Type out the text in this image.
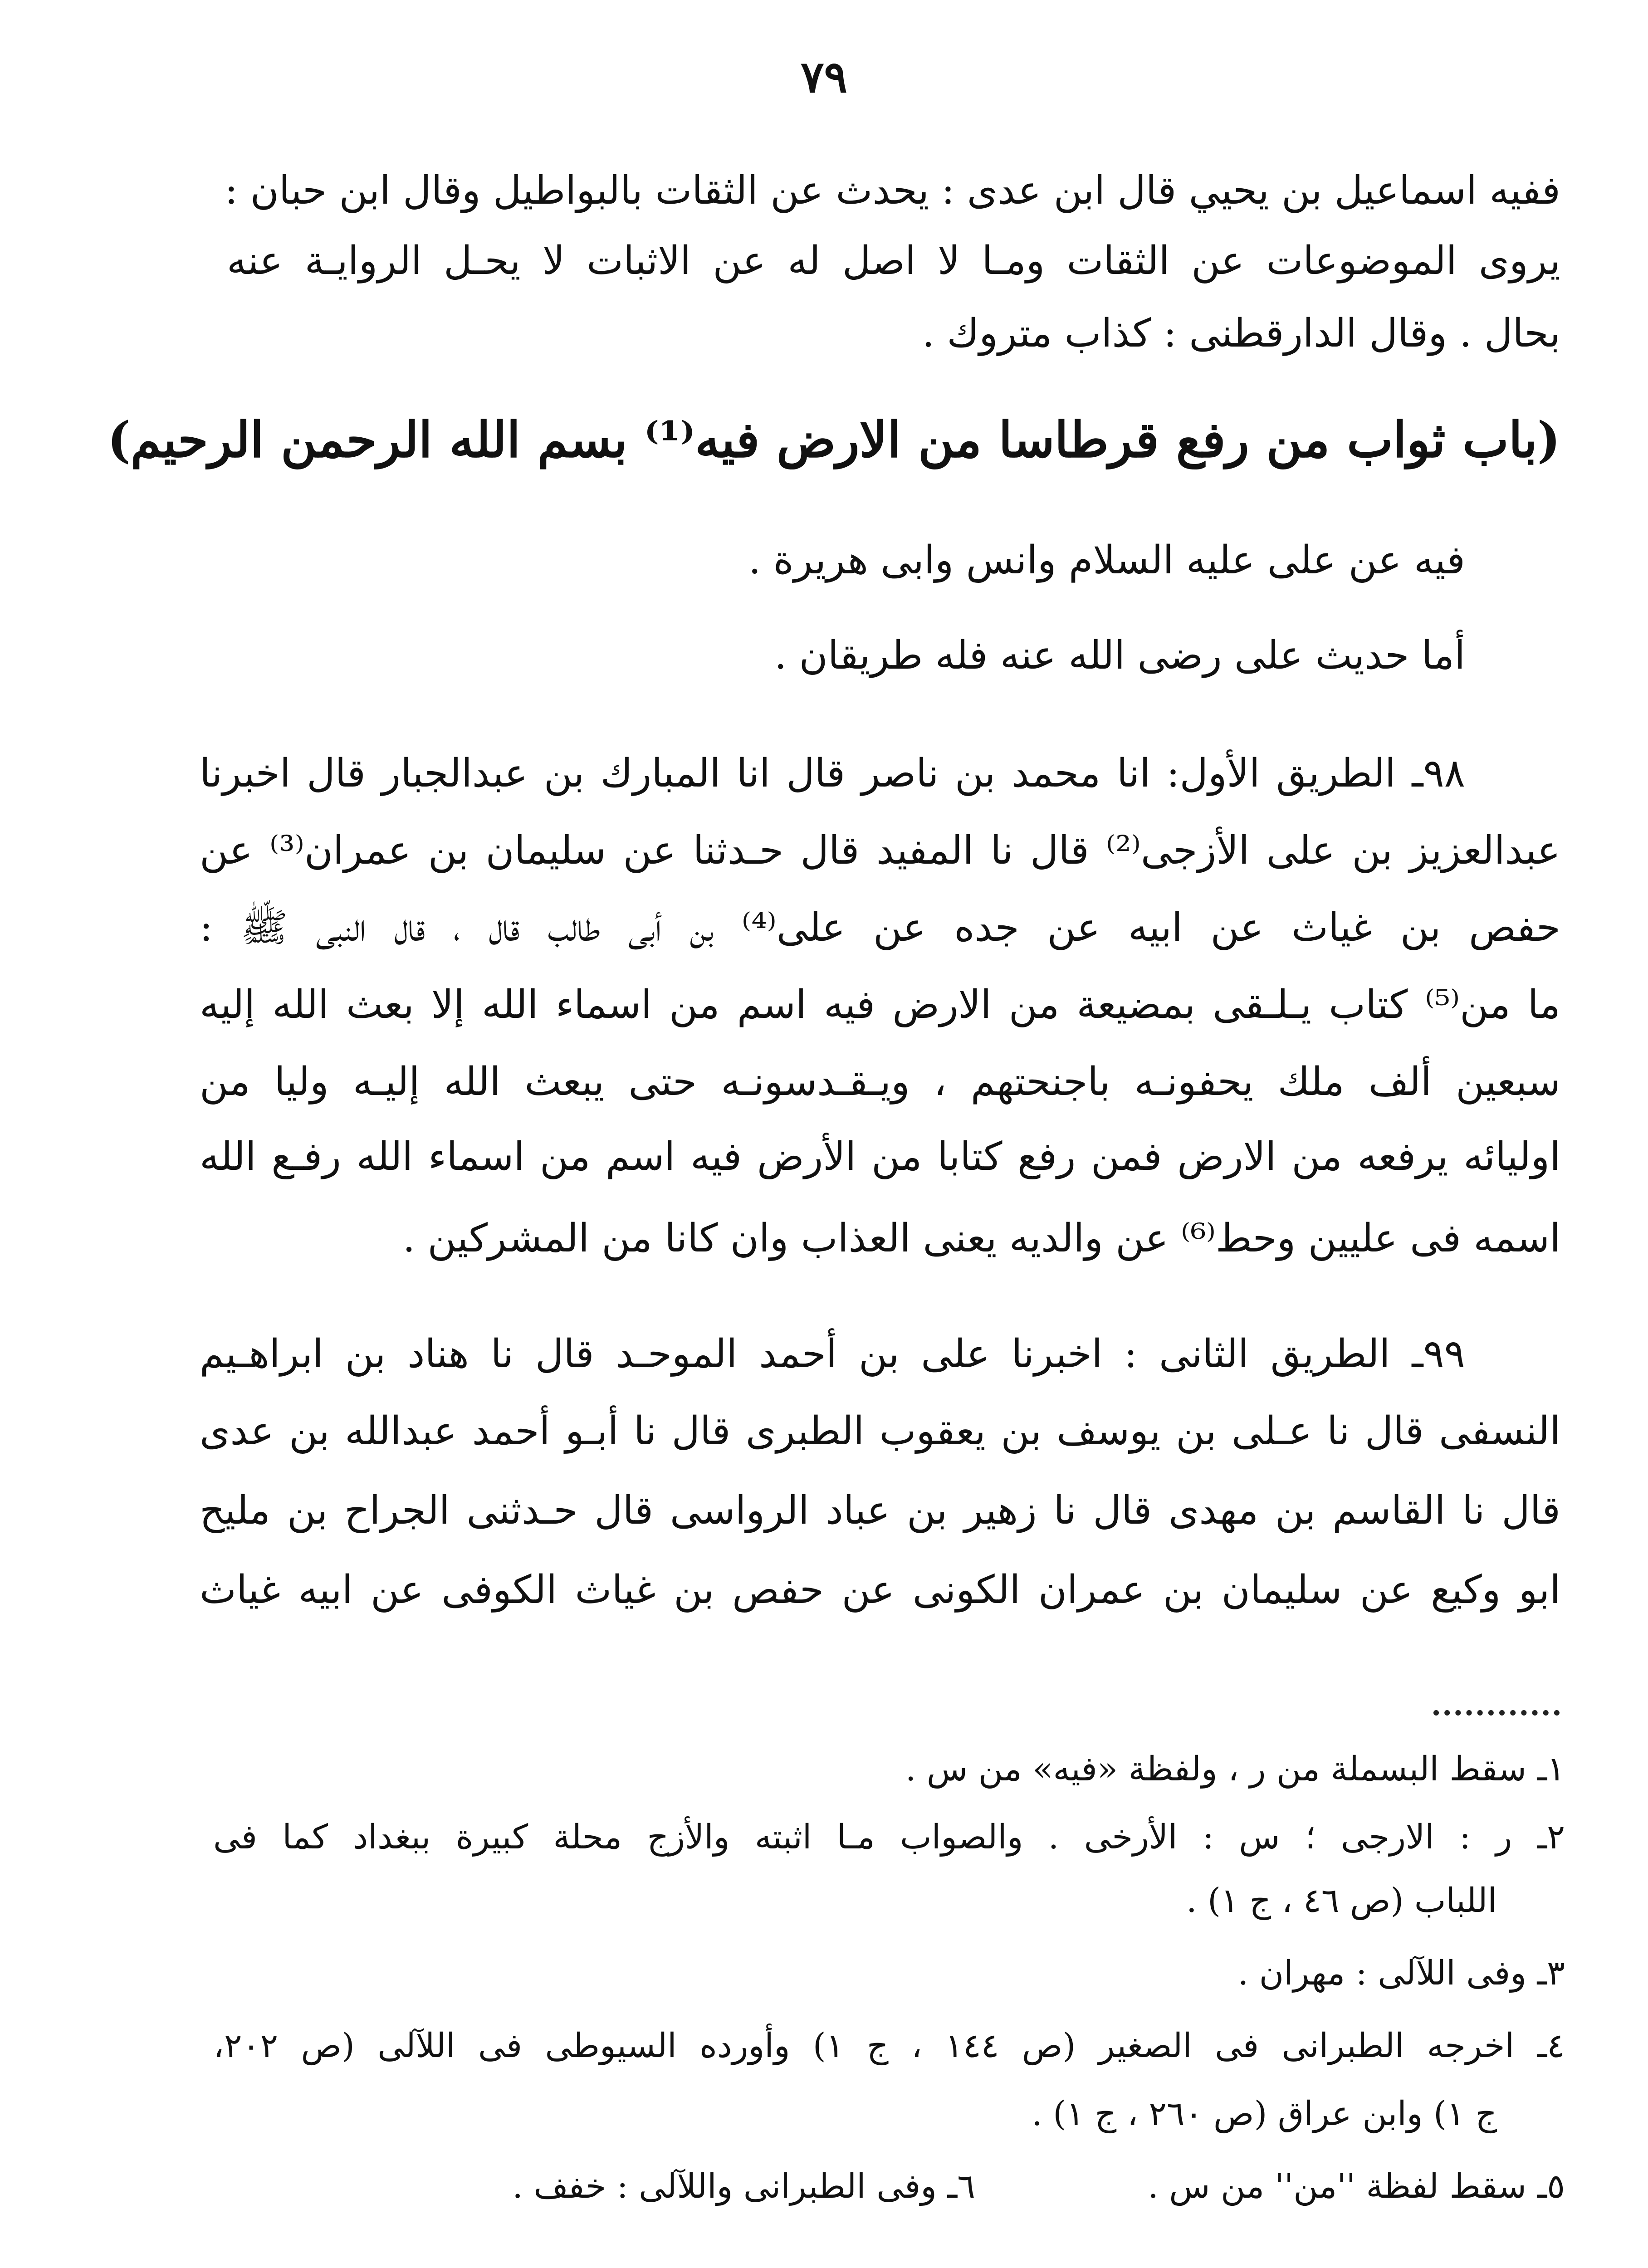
٧٩
ففيه اسماعيل بن يحيي قال ابن عدى : يحدث عن الثقات بالبواطيل وقال ابن حبان :
يروى الموضوعات عن الثقات ومـا لا اصل له عن الاثبات لا يحـل الروايـة عنه
بحال . وقال الدارقطنى : كذاب متروك .
(باب ثواب من رفع قرطاسا من الارض فيه⁽¹⁾ بسم الله الرحمن الرحيم)
فيه عن على عليه السلام وانس وابى هريرة .
أما حديث على رضى الله عنه فله طريقان .
٩٨ـ الطريق الأول: انا محمد بن ناصر قال انا المبارك بن عبدالجبار قال اخبرنا
عبدالعزيز بن على الأزجى⁽²⁾ قال نا المفيد قال حـدثنا عن سليمان بن عمران⁽³⁾ عن
حفص بن غياث عن ابيه عن جده عن على⁽⁴⁾ بن أبى طالب قال ، قال النبى ﷺ :
ما من⁽⁵⁾ كتاب يـلـقى بمضيعة من الارض فيه اسم من اسماء الله إلا بعث الله إليه
سبعين ألف ملك يحفونـه باجنحتهم ، ويـقـدسونـه حتى يبعث الله إليـه وليا من
اوليائه يرفعه من الارض فمن رفع كتابا من الأرض فيه اسم من اسماء الله رفـع الله
اسمه فى عليين وحط⁽⁶⁾ عن والديه يعنى العذاب وان كانا من المشركين .
٩٩ـ الطريق الثانى : اخبرنا على بن أحمد الموحـد قال نا هناد بن ابراهـيم
النسفى قال نا عـلى بن يوسف بن يعقوب الطبرى قال نا أبـو أحمد عبدالله بن عدى
قال نا القاسم بن مهدى قال نا زهير بن عباد الرواسى قال حـدثنى الجراح بن مليح
ابو وكيع عن سليمان بن عمران الكونى عن حفص بن غياث الكوفى عن ابيه غياث
١ـ سقط البسملة من ر ، ولفظة «فيه» من س .
٢ـ ر : الارجى ؛ س : الأرخى . والصواب مـا اثبته والأزج محلة كبيرة ببغداد كما فى
اللباب (ص ٤٦ ، ج ١) .
٣ـ وفى اللآلى : مهران .
٤ـ اخرجه الطبرانى فى الصغير (ص ١٤٤ ، ج ١) وأورده السيوطى فى اللآلى (ص ٢٠٢،
ج ١) وابن عراق (ص ٢٦٠ ، ج ١) .
٥ـ سقط لفظة ''من'' من س .
٦ـ وفى الطبرانى واللآلى : خفف .
